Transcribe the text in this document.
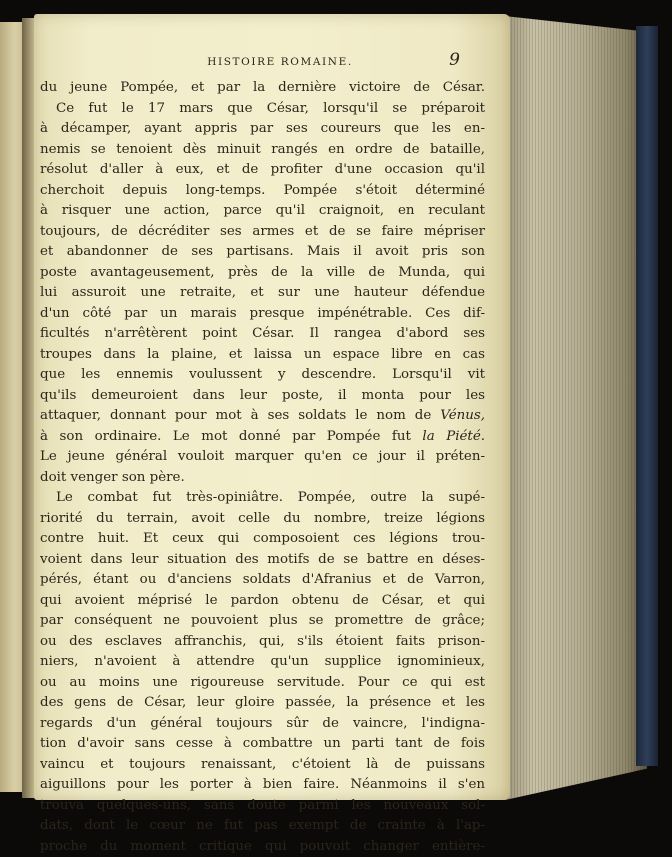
HISTOIRE ROMAINE.	9
du jeune Pompée, et par la dernière victoire de César.
Ce fut le 17 mars que César, lorsqu'il se préparoit
à décamper, ayant appris par ses coureurs que les en-
nemis se tenoient dès minuit rangés en ordre de bataille,
résolut d'aller à eux, et de profiter d'une occasion qu'il
cherchoit depuis long-temps. Pompée s'étoit déterminé
à risquer une action, parce qu'il craignoit, en reculant
toujours, de décréditer ses armes et de se faire mépriser
et abandonner de ses partisans. Mais il avoit pris son
poste avantageusement, près de la ville de Munda, qui
lui assuroit une retraite, et sur une hauteur défendue
d'un côté par un marais presque impénétrable. Ces dif-
ficultés n'arrêtèrent point César. Il rangea d'abord ses
troupes dans la plaine, et laissa un espace libre en cas
que les ennemis voulussent y descendre. Lorsqu'il vit
qu'ils demeuroient dans leur poste, il monta pour les
attaquer, donnant pour mot à ses soldats le nom de Vénus,
à son ordinaire. Le mot donné par Pompée fut la Piété.
Le jeune général vouloit marquer qu'en ce jour il préten-
doit venger son père.
Le combat fut très-opiniâtre. Pompée, outre la supé-
riorité du terrain, avoit celle du nombre, treize légions
contre huit. Et ceux qui composoient ces légions trou-
voient dans leur situation des motifs de se battre en déses-
pérés, étant ou d'anciens soldats d'Afranius et de Varron,
qui avoient méprisé le pardon obtenu de César, et qui
par conséquent ne pouvoient plus se promettre de grâce;
ou des esclaves affranchis, qui, s'ils étoient faits prison-
niers, n'avoient à attendre qu'un supplice ignominieux,
ou au moins une rigoureuse servitude. Pour ce qui est
des gens de César, leur gloire passée, la présence et les
regards d'un général toujours sûr de vaincre, l'indigna-
tion d'avoir sans cesse à combattre un parti tant de fois
vaincu et toujours renaissant, c'étoient là de puissans
aiguillons pour les porter à bien faire. Néanmoins il s'en
trouva quelques-uns, sans doute parmi les nouveaux sol-
dats, dont le cœur ne fut pas exempt de crainte à l'ap-
proche du moment critique qui pouvoit changer entière-
